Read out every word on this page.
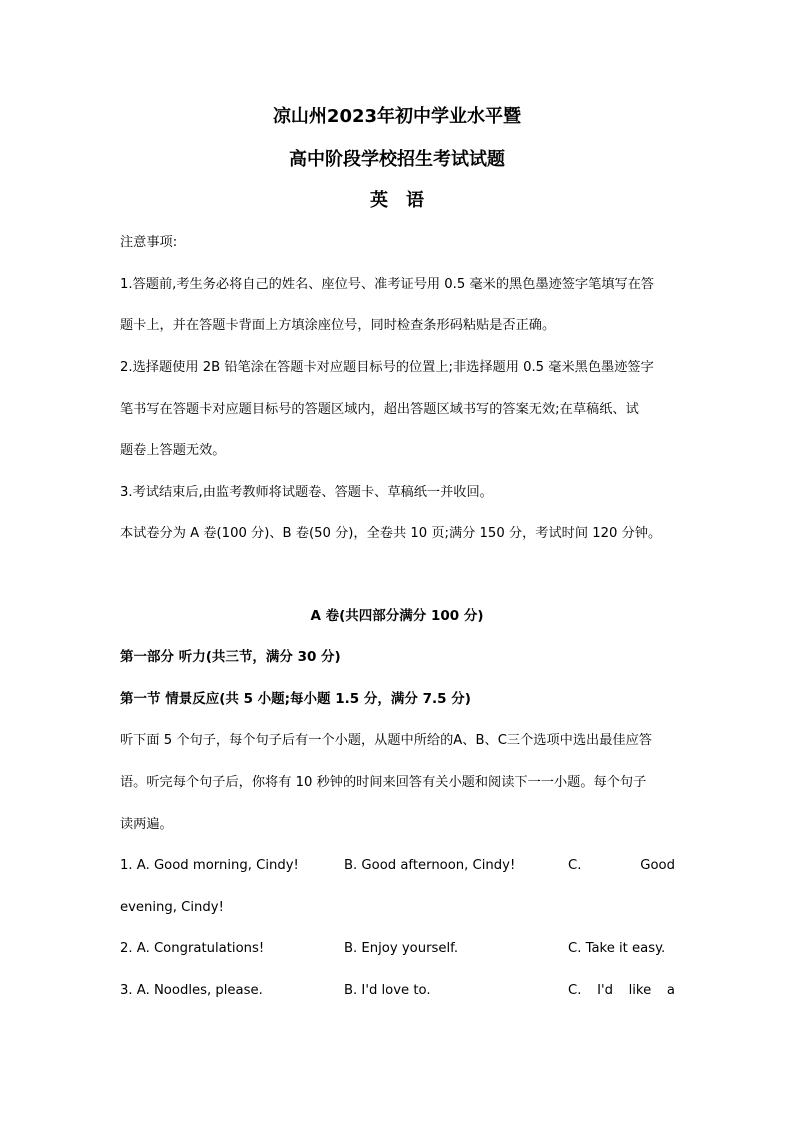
凉山州2023年初中学业水平暨
高中阶段学校招生考试试题
英　语
注意事项:
1.答题前,考生务必将自己的姓名、座位号、准考证号用 0.5 毫米的黑色墨迹签字笔填写在答
题卡上，并在答题卡背面上方填涂座位号，同时检查条形码粘贴是否正确。
2.选择题使用 2B 铅笔涂在答题卡对应题目标号的位置上;非选择题用 0.5 毫米黑色墨迹签字
笔书写在答题卡对应题目标号的答题区域内，超出答题区域书写的答案无效;在草稿纸、试
题卷上答题无效。
3.考试结束后,由监考教师将试题卷、答题卡、草稿纸一并收回。
本试卷分为 A 卷(100 分)、B 卷(50 分)，全卷共 10 页;满分 150 分，考试时间 120 分钟。
A 卷(共四部分满分 100 分)
第一部分 听力(共三节，满分 30 分)
第一节 情景反应(共 5 小题;每小题 1.5 分，满分 7.5 分)
听下面 5 个句子，每个句子后有一个小题，从题中所给的A、B、C三个选项中选出最佳应答
语。听完每个句子后，你将有 10 秒钟的时间来回答有关小题和阅读下一一小题。每个句子
读两遍。
1. A. Good morning, Cindy!	B. Good afternoon, Cindy!	C.	Good
evening, Cindy!
2. A. Congratulations!	B. Enjoy yourself.	C. Take it easy.
3. A. Noodles, please.	B. I'd love to.	C. I'd like a
